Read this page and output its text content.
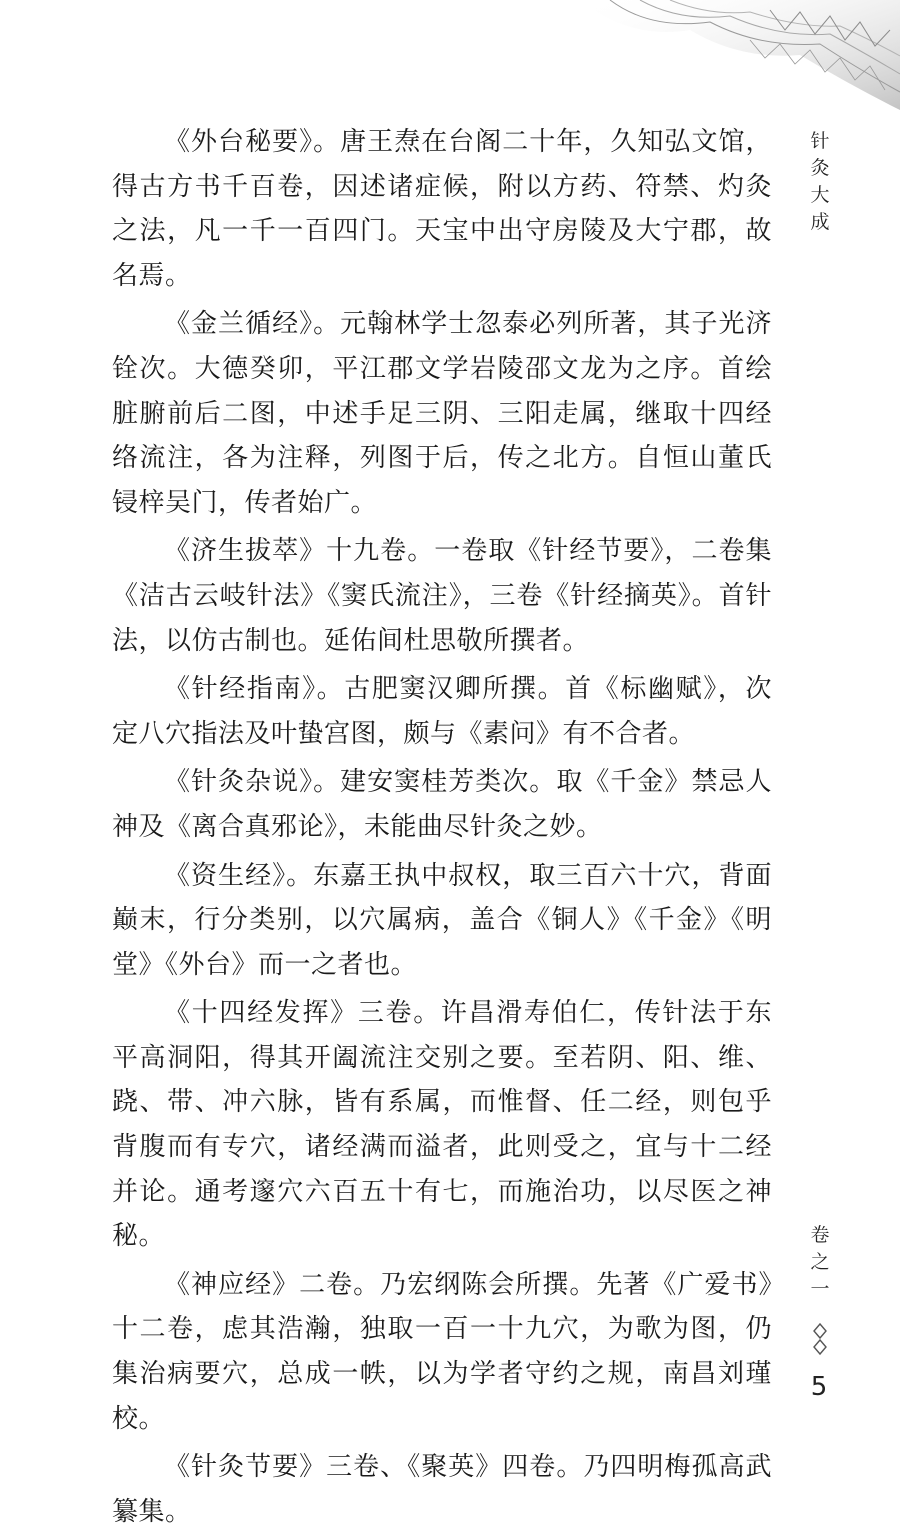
针
灸
大
成

《外台秘要》。唐王焘在台阁二十年，久知弘文馆，得古方书千百卷，因述诸症候，附以方药、符禁、灼灸之法，凡一千一百四门。天宝中出守房陵及大宁郡，故名焉。

《金兰循经》。元翰林学士忽泰必列所著，其子光济铨次。大德癸卯，平江郡文学岩陵邵文龙为之序。首绘脏腑前后二图，中述手足三阴、三阳走属，继取十四经络流注，各为注释，列图于后，传之北方。自恒山董氏锓梓吴门，传者始广。

《济生拔萃》十九卷。一卷取《针经节要》，二卷集《洁古云岐针法》《窦氏流注》，三卷《针经摘英》。首针法，以仿古制也。延佑间杜思敬所撰者。

《针经指南》。古肥窦汉卿所撰。首《标幽赋》，次定八穴指法及叶蛰宫图，颇与《素问》有不合者。

《针灸杂说》。建安窦桂芳类次。取《千金》禁忌人神及《离合真邪论》，未能曲尽针灸之妙。

《资生经》。东嘉王执中叔权，取三百六十穴，背面巅末，行分类别，以穴属病，盖合《铜人》《千金》《明堂》《外台》而一之者也。

《十四经发挥》三卷。许昌滑寿伯仁，传针法于东平高洞阳，得其开阖流注交别之要。至若阴、阳、维、跷、带、冲六脉，皆有系属，而惟督、任二经，则包乎背腹而有专穴，诸经满而溢者，此则受之，宜与十二经并论。通考邃穴六百五十有七，而施治功，以尽医之神秘。

《神应经》二卷。乃宏纲陈会所撰。先著《广爱书》十二卷，虑其浩瀚，独取一百一十九穴，为歌为图，仍集治病要穴，总成一帙，以为学者守约之规，南昌刘瑾校。

《针灸节要》三卷、《聚英》四卷。乃四明梅孤高武纂集。

卷
之
一
5
